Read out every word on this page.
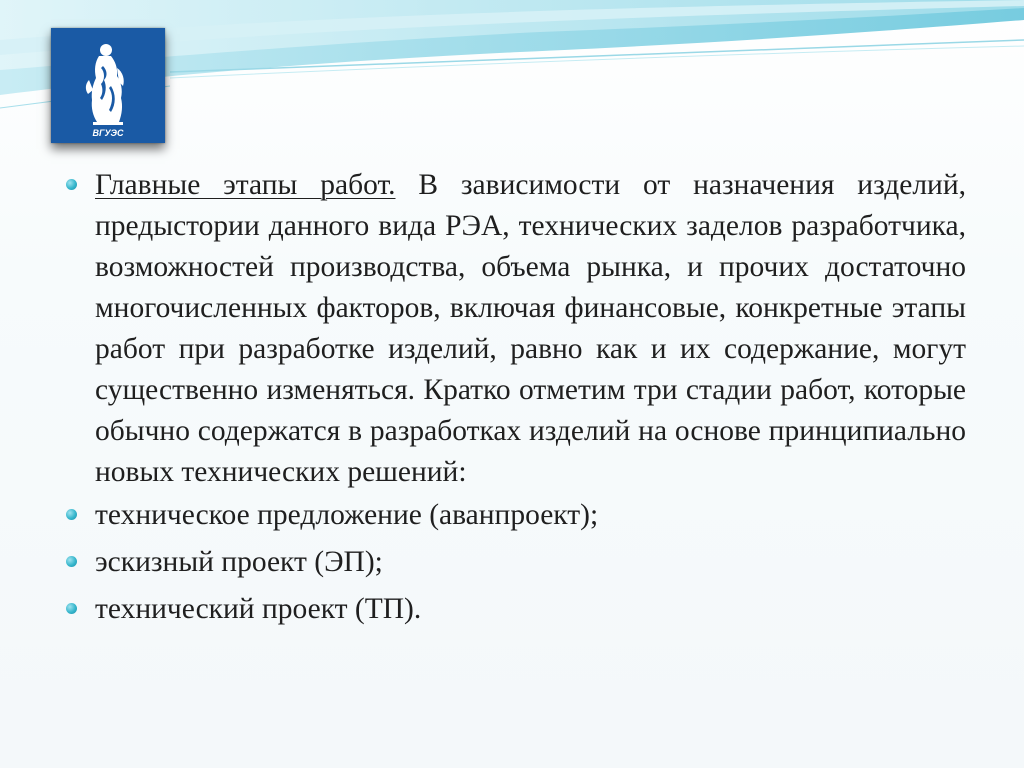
ВГУЭС
Главные этапы работ. В зависимости от назначения изделий, предыстории данного вида РЭА, технических заделов разработчика, возможностей производства, объема рынка, и прочих достаточно многочисленных факторов, включая финансовые, конкретные этапы работ при разработке изделий, равно как и их содержание, могут существенно изменяться. Кратко отметим три стадии работ, которые обычно содержатся в разработках изделий на основе принципиально новых технических решений:
техническое предложение (аванпроект);
эскизный проект (ЭП);
технический проект (ТП).
